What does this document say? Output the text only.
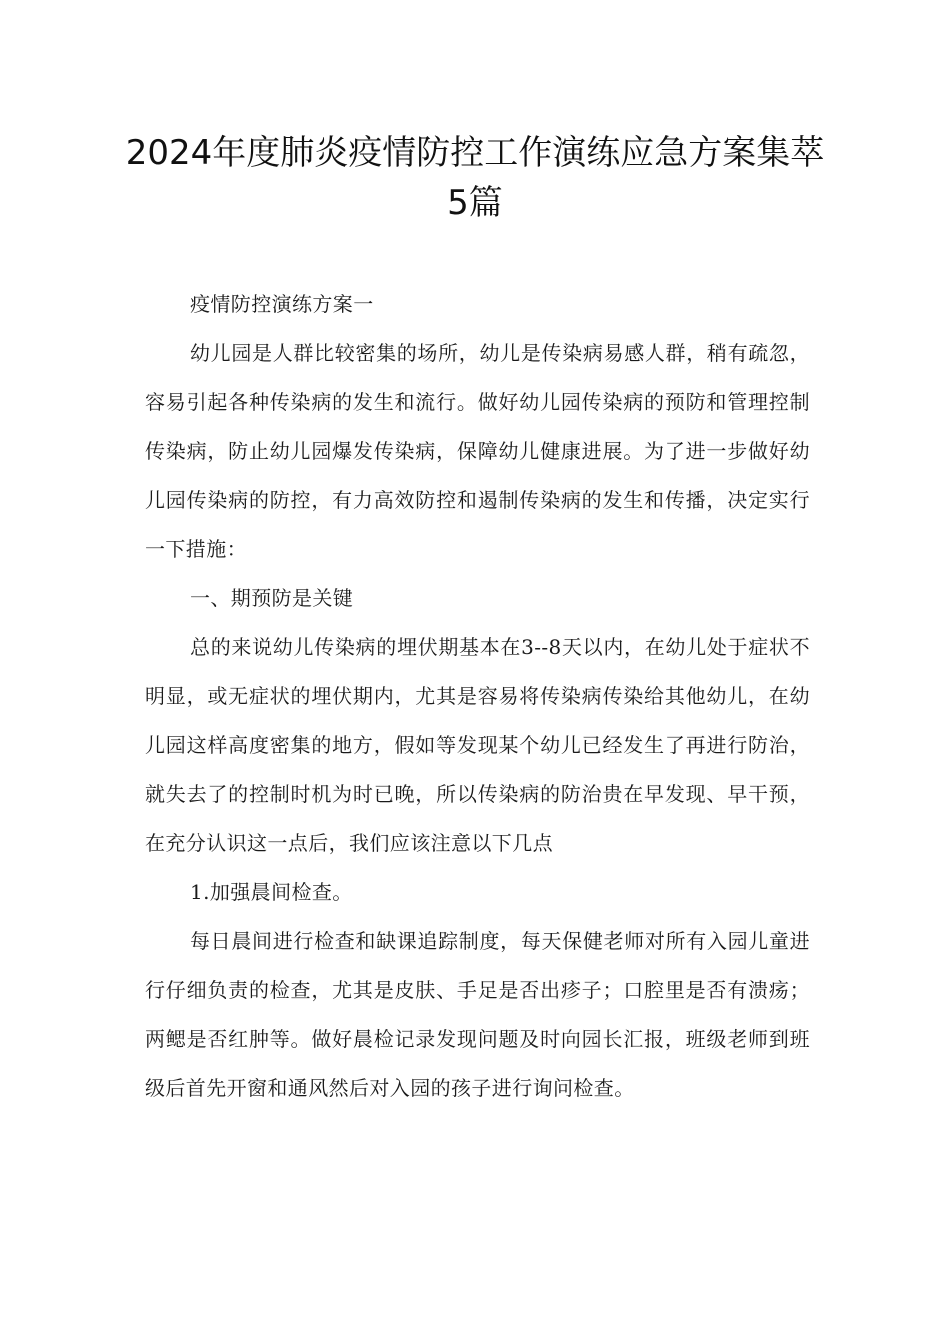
2024年度肺炎疫情防控工作演练应急方案集萃5篇

疫情防控演练方案一

幼儿园是人群比较密集的场所，幼儿是传染病易感人群，稍有疏忽，容易引起各种传染病的发生和流行。做好幼儿园传染病的预防和管理控制传染病，防止幼儿园爆发传染病，保障幼儿健康进展。为了进一步做好幼儿园传染病的防控，有力高效防控和遏制传染病的发生和传播，决定实行一下措施：

一、期预防是关键

总的来说幼儿传染病的埋伏期基本在3--8天以内，在幼儿处于症状不明显，或无症状的埋伏期内，尤其是容易将传染病传染给其他幼儿，在幼儿园这样高度密集的地方，假如等发现某个幼儿已经发生了再进行防治，就失去了的控制时机为时已晚，所以传染病的防治贵在早发现、早干预，在充分认识这一点后，我们应该注意以下几点

1.加强晨间检查。

每日晨间进行检查和缺课追踪制度，每天保健老师对所有入园儿童进行仔细负责的检查，尤其是皮肤、手足是否出疹子；口腔里是否有溃疡；两鳃是否红肿等。做好晨检记录发现问题及时向园长汇报，班级老师到班级后首先开窗和通风然后对入园的孩子进行询问检查。
